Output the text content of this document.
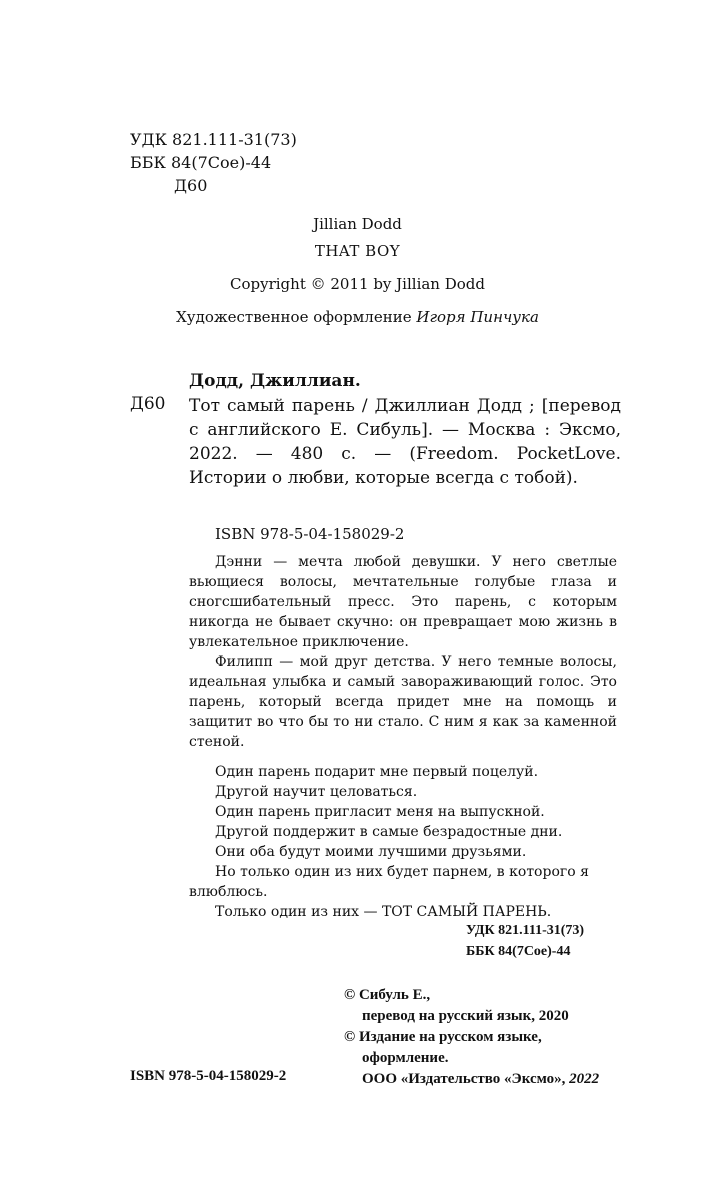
УДК 821.111-31(73)
ББК 84(7Сое)-44
Д60
Jillian Dodd
THAT BOY
Copyright © 2011 by Jillian Dodd
Художественное оформление Игоря Пинчука
Додд, Джиллиан.
Д60 Тот самый парень / Джиллиан Додд ; [перевод с английского Е. Сибуль]. — Москва : Эксмо, 2022. — 480 с. — (Freedom. PocketLove. Истории о любви, которые всегда с тобой).
ISBN 978-5-04-158029-2

Дэнни — мечта любой девушки. У него светлые вьющиеся волосы, мечтательные голубые глаза и сногсшибательный пресс. Это парень, с которым никогда не бывает скучно: он превращает мою жизнь в увлекательное приключение.

Филипп — мой друг детства. У него темные волосы, идеальная улыбка и самый завораживающий голос. Это парень, который всегда придет мне на помощь и защитит во что бы то ни стало. С ним я как за каменной стеной.

Один парень подарит мне первый поцелуй.
Другой научит целоваться.
Один парень пригласит меня на выпускной.
Другой поддержит в самые безрадостные дни.
Они оба будут моими лучшими друзьями.
Но только один из них будет парнем, в которого я влюблюсь.
Только один из них — ТОТ САМЫЙ ПАРЕНЬ.
УДК 821.111-31(73)
ББК 84(7Сое)-44
© Сибуль Е.,
перевод на русский язык, 2020
© Издание на русском языке,
оформление.
ООО «Издательство «Эксмо», 2022
ISBN 978-5-04-158029-2
